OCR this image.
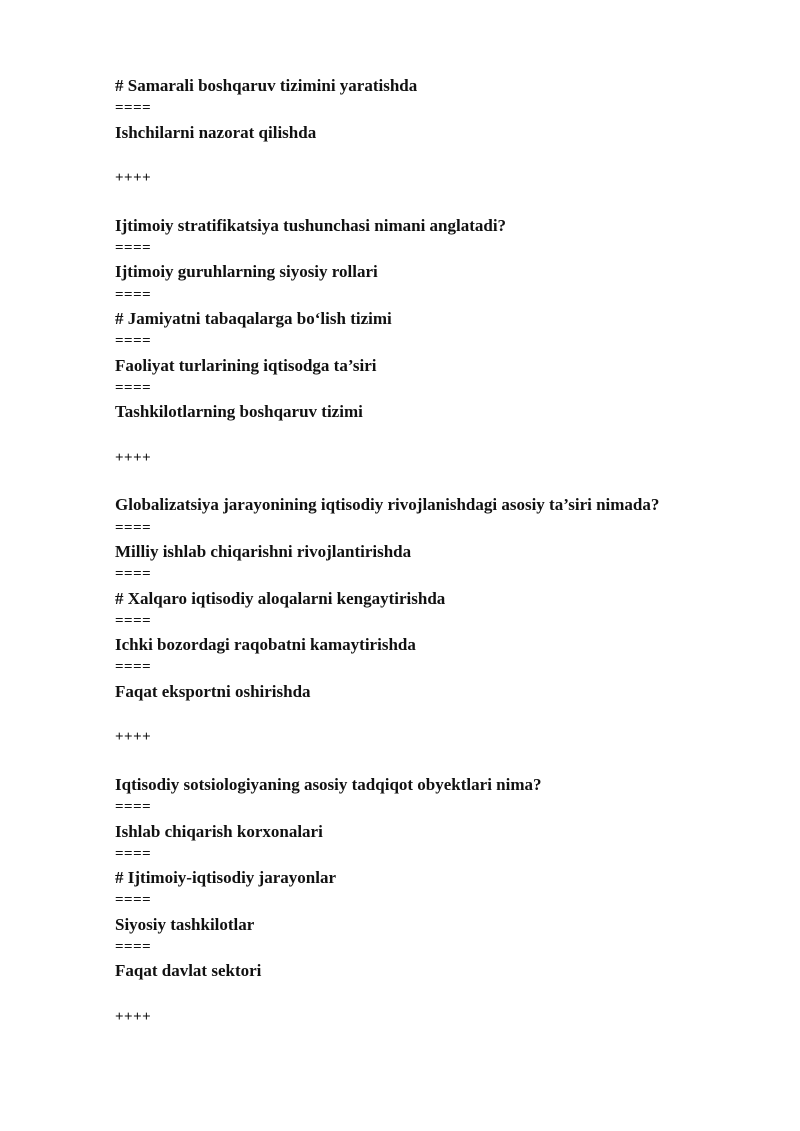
# Samarali boshqaruv tizimini yaratishda
====
Ishchilarni nazorat qilishda
++++
Ijtimoiy stratifikatsiya tushunchasi nimani anglatadi?
====
Ijtimoiy guruhlarning siyosiy rollari
====
# Jamiyatni tabaqalarga bo‘lish tizimi
====
Faoliyat turlarining iqtisodga ta’siri
====
Tashkilotlarning boshqaruv tizimi
++++
Globalizatsiya jarayonining iqtisodiy rivojlanishdagi asosiy ta’siri nimada?
====
Milliy ishlab chiqarishni rivojlantirishda
====
# Xalqaro iqtisodiy aloqalarni kengaytirishda
====
Ichki bozordagi raqobatni kamaytirishda
====
Faqat eksportni oshirishda
++++
Iqtisodiy sotsiologiyaning asosiy tadqiqot obyektlari nima?
====
Ishlab chiqarish korxonalari
====
# Ijtimoiy-iqtisodiy jarayonlar
====
Siyosiy tashkilotlar
====
Faqat davlat sektori
++++
